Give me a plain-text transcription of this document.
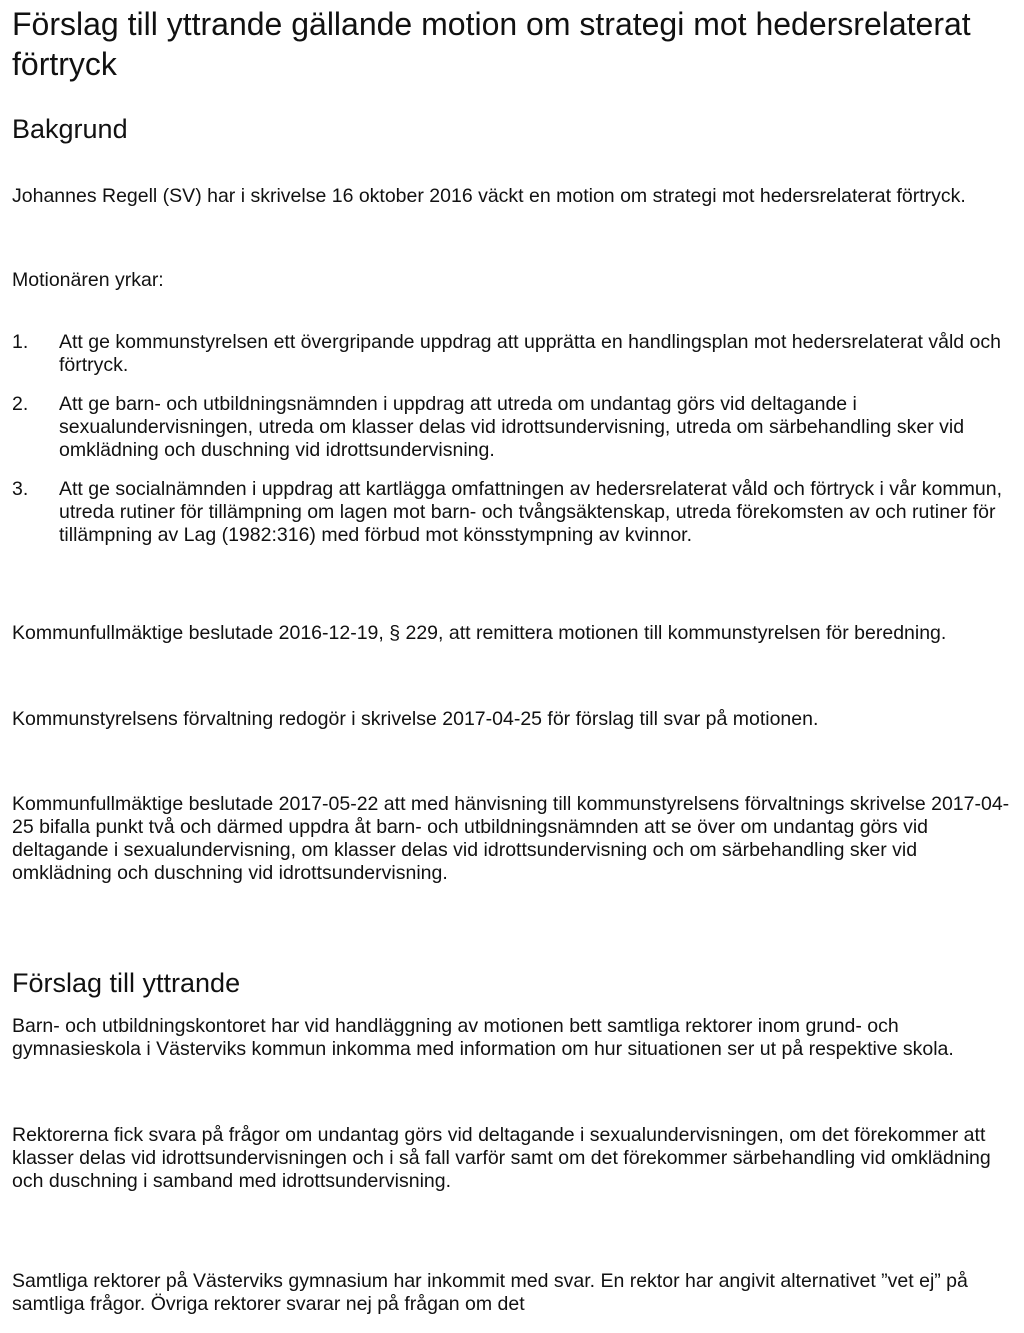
Förslag till yttrande gällande motion om strategi mot hedersrelaterat förtryck
Bakgrund

Johannes Regell (SV) har i skrivelse 16 oktober 2016 väckt en motion om strategi mot hedersrelaterat förtryck.

Motionären yrkar:

1.	Att ge kommunstyrelsen ett övergripande uppdrag att upprätta en handlingsplan mot hedersrelaterat våld och förtryck.
2.	Att ge barn- och utbildningsnämnden i uppdrag att utreda om undantag görs vid deltagande i sexualundervisningen, utreda om klasser delas vid idrottsundervisning, utreda om särbehandling sker vid omklädning och duschning vid idrottsundervisning.
3.	Att ge socialnämnden i uppdrag att kartlägga omfattningen av hedersrelaterat våld och förtryck i vår kommun, utreda rutiner för tillämpning om lagen mot barn- och tvångsäktenskap, utreda förekomsten av och rutiner för tillämpning av Lag (1982:316) med förbud mot könsstympning av kvinnor.

Kommunfullmäktige beslutade 2016-12-19, § 229, att remittera motionen till kommunstyrelsen för beredning.

Kommunstyrelsens förvaltning redogör i skrivelse 2017-04-25 för förslag till svar på motionen.

Kommunfullmäktige beslutade 2017-05-22 att med hänvisning till kommunstyrelsens förvaltnings skrivelse 2017-04-25 bifalla punkt två och därmed uppdra åt barn- och utbildningsnämnden att se över om undantag görs vid deltagande i sexualundervisning, om klasser delas vid idrottsundervisning och om särbehandling sker vid omklädning och duschning vid idrottsundervisning.

Förslag till yttrande

Barn- och utbildningskontoret har vid handläggning av motionen bett samtliga rektorer inom grund- och gymnasieskola i Västerviks kommun inkomma med information om hur situationen ser ut på respektive skola.

Rektorerna fick svara på frågor om undantag görs vid deltagande i sexualundervisningen, om det förekommer att klasser delas vid idrottsundervisningen och i så fall varför samt om det förekommer särbehandling vid omklädning och duschning i samband med idrottsundervisning.

Samtliga rektorer på Västerviks gymnasium har inkommit med svar. En rektor har angivit alternativet ”vet ej” på samtliga frågor. Övriga rektorer svarar nej på frågan om det
